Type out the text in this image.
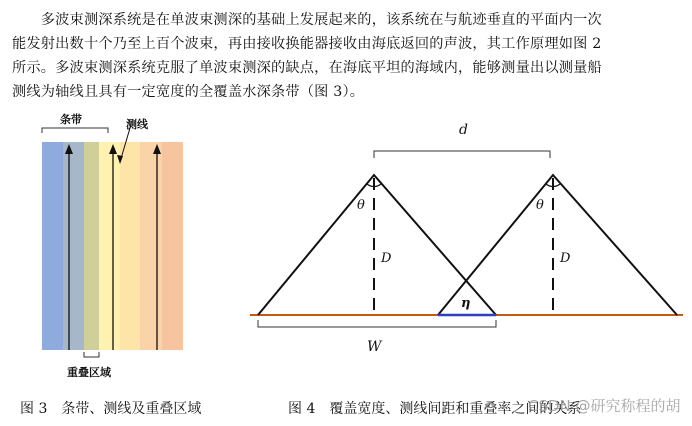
　　多波束测深系统是在单波束测深的基础上发展起来的，该系统在与航迹垂直的平面内一次
能发射出数十个乃至上百个波束，再由接收换能器接收由海底返回的声波，其工作原理如图 2
所示。多波束测深系统克服了单波束测深的缺点，在海底平坦的海域内，能够测量出以测量船
测线为轴线且具有一定宽度的全覆盖水深条带（图 3）。
条带	测线
重叠区域
d
θ	θ
D	D
η
W
图 3　条带、测线及重叠区域	图 4　覆盖宽度、测线间距和重叠率之间的关系
CSDN @研究称程的胡
